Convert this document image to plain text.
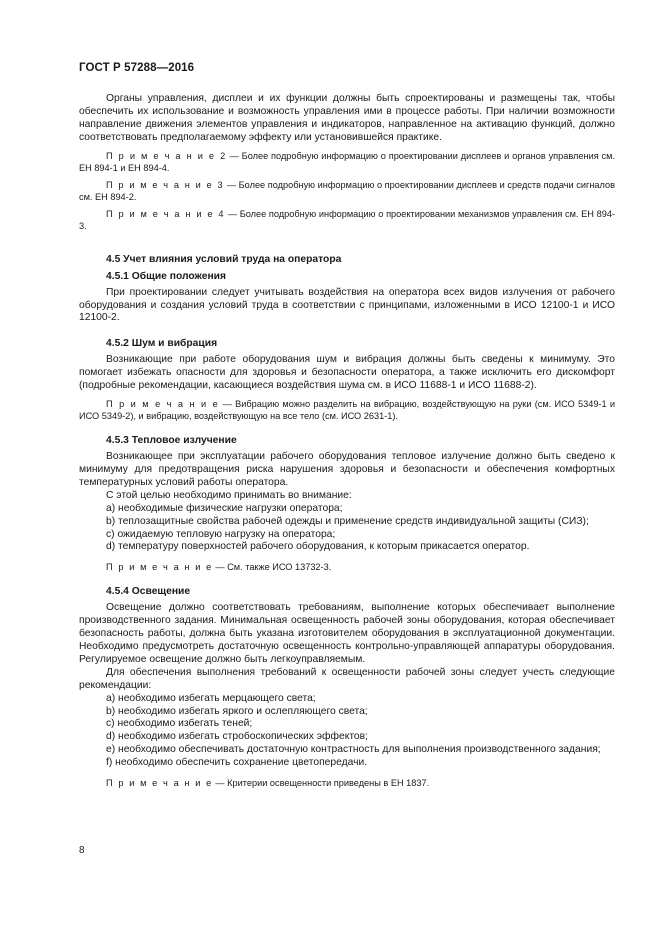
ГОСТ Р 57288—2016

Органы управления, дисплеи и их функции должны быть спроектированы и размещены так, чтобы обеспечить их использование и возможность управления ими в процессе работы. При наличии возможности направление движения элементов управления и индикаторов, направленное на активацию функций, должно соответствовать предполагаемому эффекту или установившейся практике.

П р и м е ч а н и е 2 — Более подробную информацию о проектировании дисплеев и органов управления см. ЕН 894-1 и ЕН 894-4.

П р и м е ч а н и е 3 — Более подробную информацию о проектировании дисплеев и средств подачи сигналов см. ЕН 894-2.

П р и м е ч а н и е 4 — Более подробную информацию о проектировании механизмов управления см. ЕН 894-3.

4.5 Учет влияния условий труда на оператора
4.5.1 Общие положения

При проектировании следует учитывать воздействия на оператора всех видов излучения от рабочего оборудования и создания условий труда в соответствии с принципами, изложенными в ИСО 12100-1 и ИСО 12100-2.

4.5.2 Шум и вибрация

Возникающие при работе оборудования шум и вибрация должны быть сведены к минимуму. Это помогает избежать опасности для здоровья и безопасности оператора, а также исключить его дискомфорт (подробные рекомендации, касающиеся воздействия шума см. в ИСО 11688-1 и ИСО 11688-2).

П р и м е ч а н и е — Вибрацию можно разделить на вибрацию, воздействующую на руки (см. ИСО 5349-1 и ИСО 5349-2), и вибрацию, воздействующую на все тело (см. ИСО 2631-1).

4.5.3 Тепловое излучение

Возникающее при эксплуатации рабочего оборудования тепловое излучение должно быть сведено к минимуму для предотвращения риска нарушения здоровья и безопасности и обеспечения комфортных температурных условий работы оператора.

С этой целью необходимо принимать во внимание:

а) необходимые физические нагрузки оператора;

b) теплозащитные свойства рабочей одежды и применение средств индивидуальной защиты (СИЗ);

с) ожидаемую тепловую нагрузку на оператора;

d) температуру поверхностей рабочего оборудования, к которым прикасается оператор.

П р и м е ч а н и е — См. также ИСО 13732-3.

4.5.4 Освещение

Освещение должно соответствовать требованиям, выполнение которых обеспечивает выполнение производственного задания. Минимальная освещенность рабочей зоны оборудования, которая обеспечивает безопасность работы, должна быть указана изготовителем оборудования в эксплуатационной документации. Необходимо предусмотреть достаточную освещенность контрольно-управляющей аппаратуры оборудования. Регулируемое освещение должно быть легкоуправляемым.

Для обеспечения выполнения требований к освещенности рабочей зоны следует учесть следующие рекомендации:

а) необходимо избегать мерцающего света;

b) необходимо избегать яркого и ослепляющего света;

с) необходимо избегать теней;

d) необходимо избегать стробоскопических эффектов;

е) необходимо обеспечивать достаточную контрастность для выполнения производственного задания;

f) необходимо обеспечить сохранение цветопередачи.

П р и м е ч а н и е — Критерии освещенности приведены в ЕН 1837.

8
